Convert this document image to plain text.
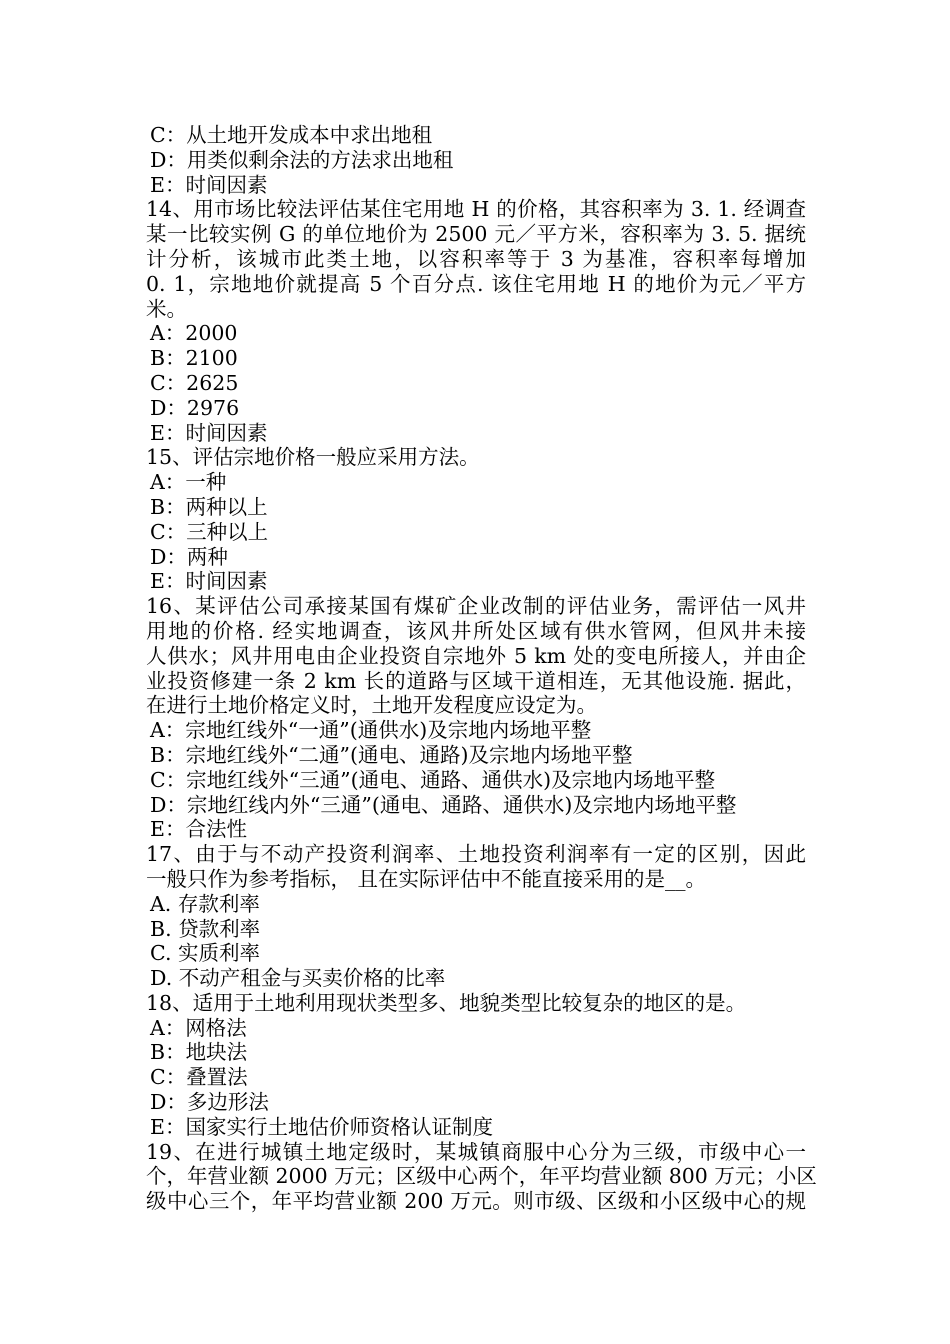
C：从土地开发成本中求出地租
D：用类似剩余法的方法求出地租
E：时间因素
14、用市场比较法评估某住宅用地 H 的价格，其容积率为 3. 1. 经调查
某一比较实例 G 的单位地价为 2500 元／平方米，容积率为 3. 5. 据统
计分析，该城市此类土地，以容积率等于 3 为基准，容积率每增加
0. 1，宗地地价就提高 5 个百分点. 该住宅用地 H 的地价为元／平方
米。
A：2000
B：2100
C：2625
D：2976
E：时间因素
15、评估宗地价格一般应采用方法。
A：一种
B：两种以上
C：三种以上
D：两种
E：时间因素
16、某评估公司承接某国有煤矿企业改制的评估业务，需评估一风井
用地的价格. 经实地调查，该风井所处区域有供水管网，但风井未接
人供水；风井用电由企业投资自宗地外 5 km 处的变电所接人，并由企
业投资修建一条 2 km 长的道路与区域干道相连，无其他设施. 据此，
在进行土地价格定义时，土地开发程度应设定为。
A：宗地红线外“一通”(通供水)及宗地内场地平整
B：宗地红线外“二通”(通电、通路)及宗地内场地平整
C：宗地红线外“三通”(通电、通路、通供水)及宗地内场地平整
D：宗地红线内外“三通”(通电、通路、通供水)及宗地内场地平整
E：合法性
17、由于与不动产投资利润率、土地投资利润率有一定的区别，因此
一般只作为参考指标， 且在实际评估中不能直接采用的是__。
A. 存款利率
B. 贷款利率
C. 实质利率
D. 不动产租金与买卖价格的比率
18、适用于土地利用现状类型多、地貌类型比较复杂的地区的是。
A：网格法
B：地块法
C：叠置法
D：多边形法
E：国家实行土地估价师资格认证制度
19、在进行城镇土地定级时，某城镇商服中心分为三级，市级中心一
个，年营业额 2000 万元；区级中心两个，年平均营业额 800 万元；小区
级中心三个，年平均营业额 200 万元。则市级、区级和小区级中心的规
